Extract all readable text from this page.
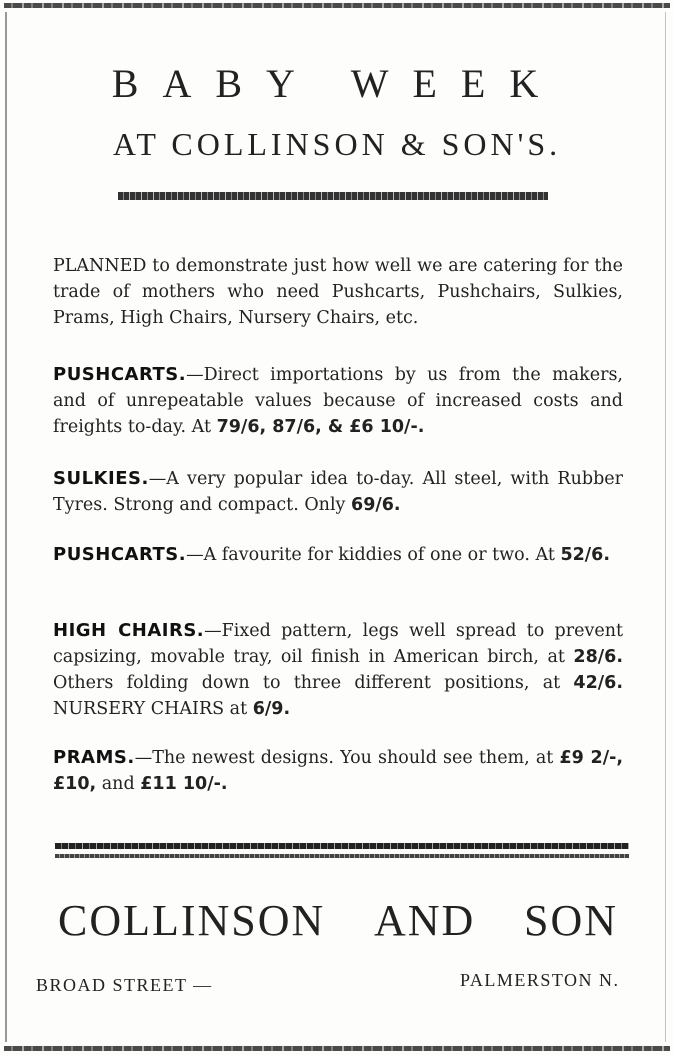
BABY WEEK
AT COLLINSON & SON'S.
PLANNED to demonstrate just how well we are catering for the trade of mothers who need Pushcarts, Pushchairs, Sulkies, Prams, High Chairs, Nursery Chairs, etc.
PUSHCARTS.—Direct importations by us from the makers, and of unrepeatable values because of increased costs and freights to-day. At 79/6, 87/6, & £6 10/-.
SULKIES.—A very popular idea to-day. All steel, with Rubber Tyres. Strong and compact. Only 69/6.
PUSHCARTS.—A favourite for kiddies of one or two. At 52/6.
HIGH CHAIRS.—Fixed pattern, legs well spread to prevent capsizing, movable tray, oil finish in American birch, at 28/6. Others folding down to three different positions, at 42/6. NURSERY CHAIRS at 6/9.
PRAMS.—The newest designs. You should see them, at £9 2/-, £10, and £11 10/-.
COLLINSON AND SON
BROAD STREET —	PALMERSTON N.
